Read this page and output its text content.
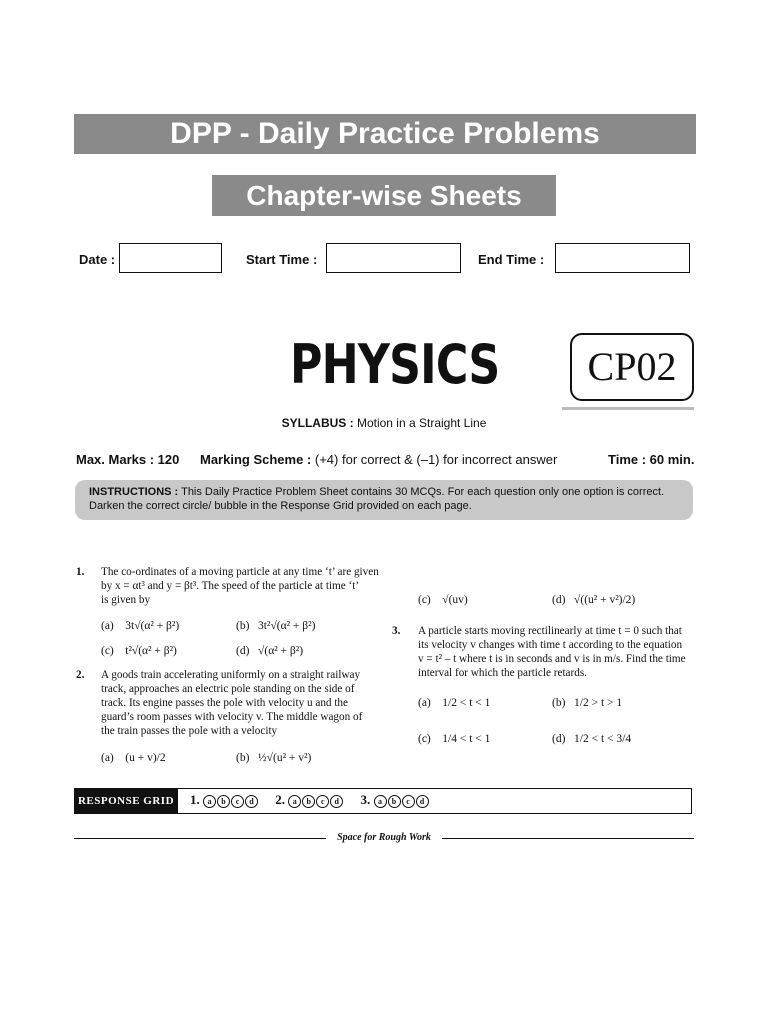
DPP - Daily Practice Problems
Chapter-wise Sheets
Date :	Start Time :	End Time :
PHYSICS	CP02
SYLLABUS : Motion in a Straight Line
Max. Marks : 120 Marking Scheme : (+4) for correct & (–1) for incorrect answer	Time : 60 min.
INSTRUCTIONS : This Daily Practice Problem Sheet contains 30 MCQs. For each question only one option is correct. Darken the correct circle/ bubble in the Response Grid provided on each page.
1. The co-ordinates of a moving particle at any time ‘t’ are given
by x = αt³ and y = βt³. The speed of the particle at time ‘t’
is given by
(a)    3t√(α² + β²)	(b)   3t²√(α² + β²)
(c)    t²√(α² + β²)	(d)   √(α² + β²)
2. A goods train accelerating uniformly on a straight railway
track, approaches an electric pole standing on the side of
track. Its engine passes the pole with velocity u and the
guard’s room passes with velocity v. The middle wagon of
the train passes the pole with a velocity
(a)    (u + v)/2	(b)   ½√(u² + v²)
(c)    √(uv)	(d)   √((u² + v²)/2)
3. A particle starts moving rectilinearly at time t = 0 such that
its velocity v changes with time t according to the equation
v = t² – t where t is in seconds and v is in m/s. Find the time
interval for which the particle retards.
(a)    1/2 < t < 1	(b)   1/2 > t > 1
(c)    1/4 < t < 1	(d)   1/2 < t < 3/4
RESPONSE GRID	1. a b c d 2. a b c d 3. a b c d
Space for Rough Work
